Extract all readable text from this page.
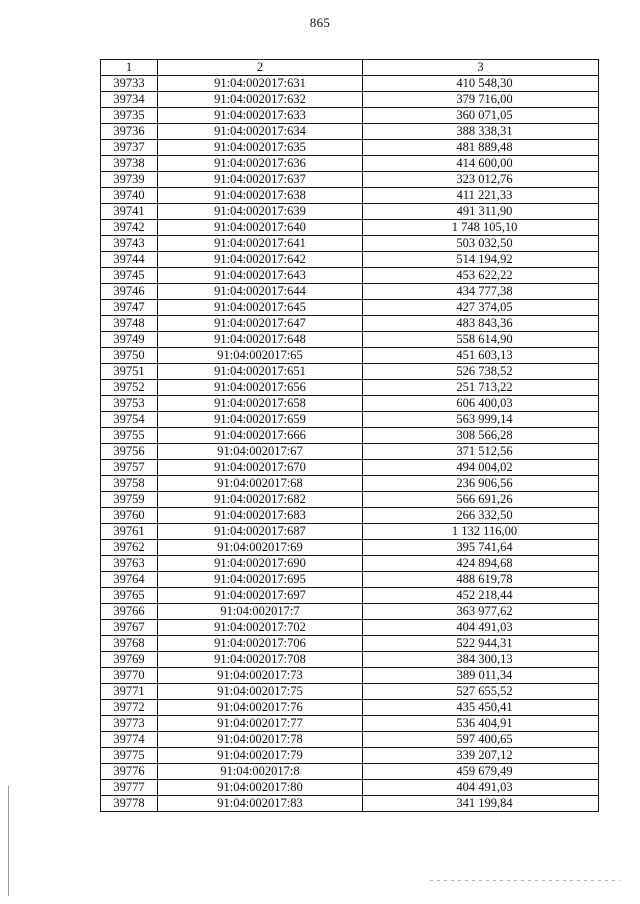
865
1	2	3
39733	91:04:002017:631	410 548,30
39734	91:04:002017:632	379 716,00
39735	91:04:002017:633	360 071,05
39736	91:04:002017:634	388 338,31
39737	91:04:002017:635	481 889,48
39738	91:04:002017:636	414 600,00
39739	91:04:002017:637	323 012,76
39740	91:04:002017:638	411 221,33
39741	91:04:002017:639	491 311,90
39742	91:04:002017:640	1 748 105,10
39743	91:04:002017:641	503 032,50
39744	91:04:002017:642	514 194,92
39745	91:04:002017:643	453 622,22
39746	91:04:002017:644	434 777,38
39747	91:04:002017:645	427 374,05
39748	91:04:002017:647	483 843,36
39749	91:04:002017:648	558 614,90
39750	91:04:002017:65	451 603,13
39751	91:04:002017:651	526 738,52
39752	91:04:002017:656	251 713,22
39753	91:04:002017:658	606 400,03
39754	91:04:002017:659	563 999,14
39755	91:04:002017:666	308 566,28
39756	91:04:002017:67	371 512,56
39757	91:04:002017:670	494 004,02
39758	91:04:002017:68	236 906,56
39759	91:04:002017:682	566 691,26
39760	91:04:002017:683	266 332,50
39761	91:04:002017:687	1 132 116,00
39762	91:04:002017:69	395 741,64
39763	91:04:002017:690	424 894,68
39764	91:04:002017:695	488 619,78
39765	91:04:002017:697	452 218,44
39766	91:04:002017:7	363 977,62
39767	91:04:002017:702	404 491,03
39768	91:04:002017:706	522 944,31
39769	91:04:002017:708	384 300,13
39770	91:04:002017:73	389 011,34
39771	91:04:002017:75	527 655,52
39772	91:04:002017:76	435 450,41
39773	91:04:002017:77	536 404,91
39774	91:04:002017:78	597 400,65
39775	91:04:002017:79	339 207,12
39776	91:04:002017:8	459 679,49
39777	91:04:002017:80	404 491,03
39778	91:04:002017:83	341 199,84
